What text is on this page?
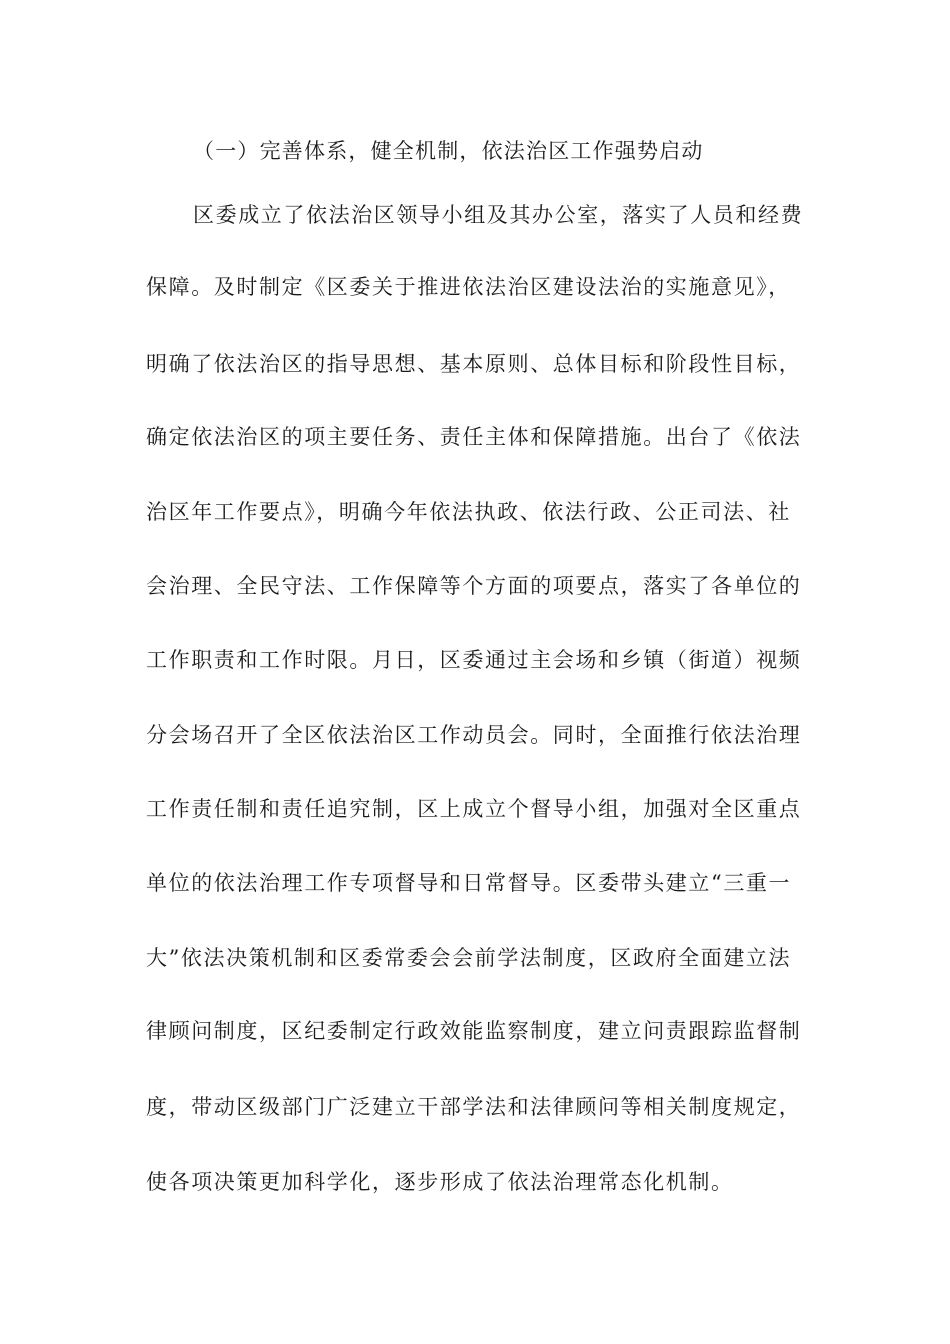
（一）完善体系，健全机制，依法治区工作强势启动
区委成立了依法治区领导小组及其办公室，落实了人员和经费
保障。及时制定《区委关于推进依法治区建设法治的实施意见》，
明确了依法治区的指导思想、基本原则、总体目标和阶段性目标，
确定依法治区的项主要任务、责任主体和保障措施。出台了《依法
治区年工作要点》，明确今年依法执政、依法行政、公正司法、社
会治理、全民守法、工作保障等个方面的项要点，落实了各单位的
工作职责和工作时限。月日，区委通过主会场和乡镇（街道）视频
分会场召开了全区依法治区工作动员会。同时，全面推行依法治理
工作责任制和责任追究制，区上成立个督导小组，加强对全区重点
单位的依法治理工作专项督导和日常督导。区委带头建立“三重一
大”依法决策机制和区委常委会会前学法制度，区政府全面建立法
律顾问制度，区纪委制定行政效能监察制度，建立问责跟踪监督制
度，带动区级部门广泛建立干部学法和法律顾问等相关制度规定，
使各项决策更加科学化，逐步形成了依法治理常态化机制。
